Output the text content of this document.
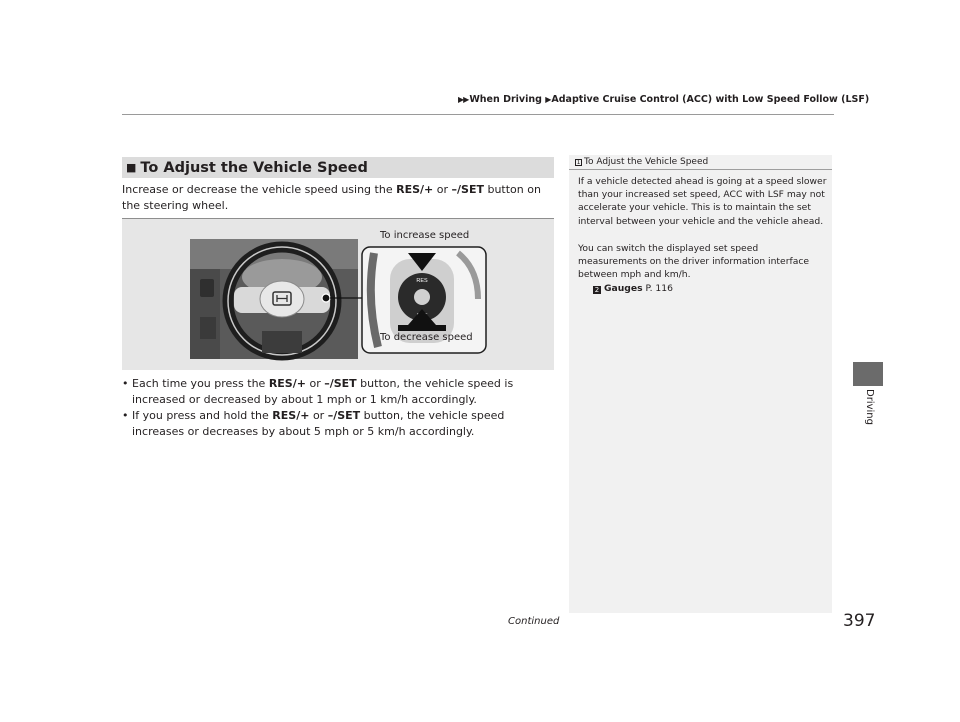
▶▶When Driving ▶Adaptive Cruise Control (ACC) with Low Speed Follow (LSF)
■ To Adjust the Vehicle Speed
Increase or decrease the vehicle speed using the RES/+ or –/SET button on the steering wheel.
RES
To increase speed
To decrease speed
• Each time you press the RES/+ or –/SET button, the vehicle speed is increased or decreased by about 1 mph or 1 km/h accordingly.
• If you press and hold the RES/+ or –/SET button, the vehicle speed increases or decreases by about 5 mph or 5 km/h accordingly.
1 To Adjust the Vehicle Speed
If a vehicle detected ahead is going at a speed slower than your increased set speed, ACC with LSF may not accelerate your vehicle. This is to maintain the set interval between your vehicle and the vehicle ahead.
You can switch the displayed set speed measurements on the driver information interface between mph and km/h.
2 Gauges P. 116
Driving
Continued	397
